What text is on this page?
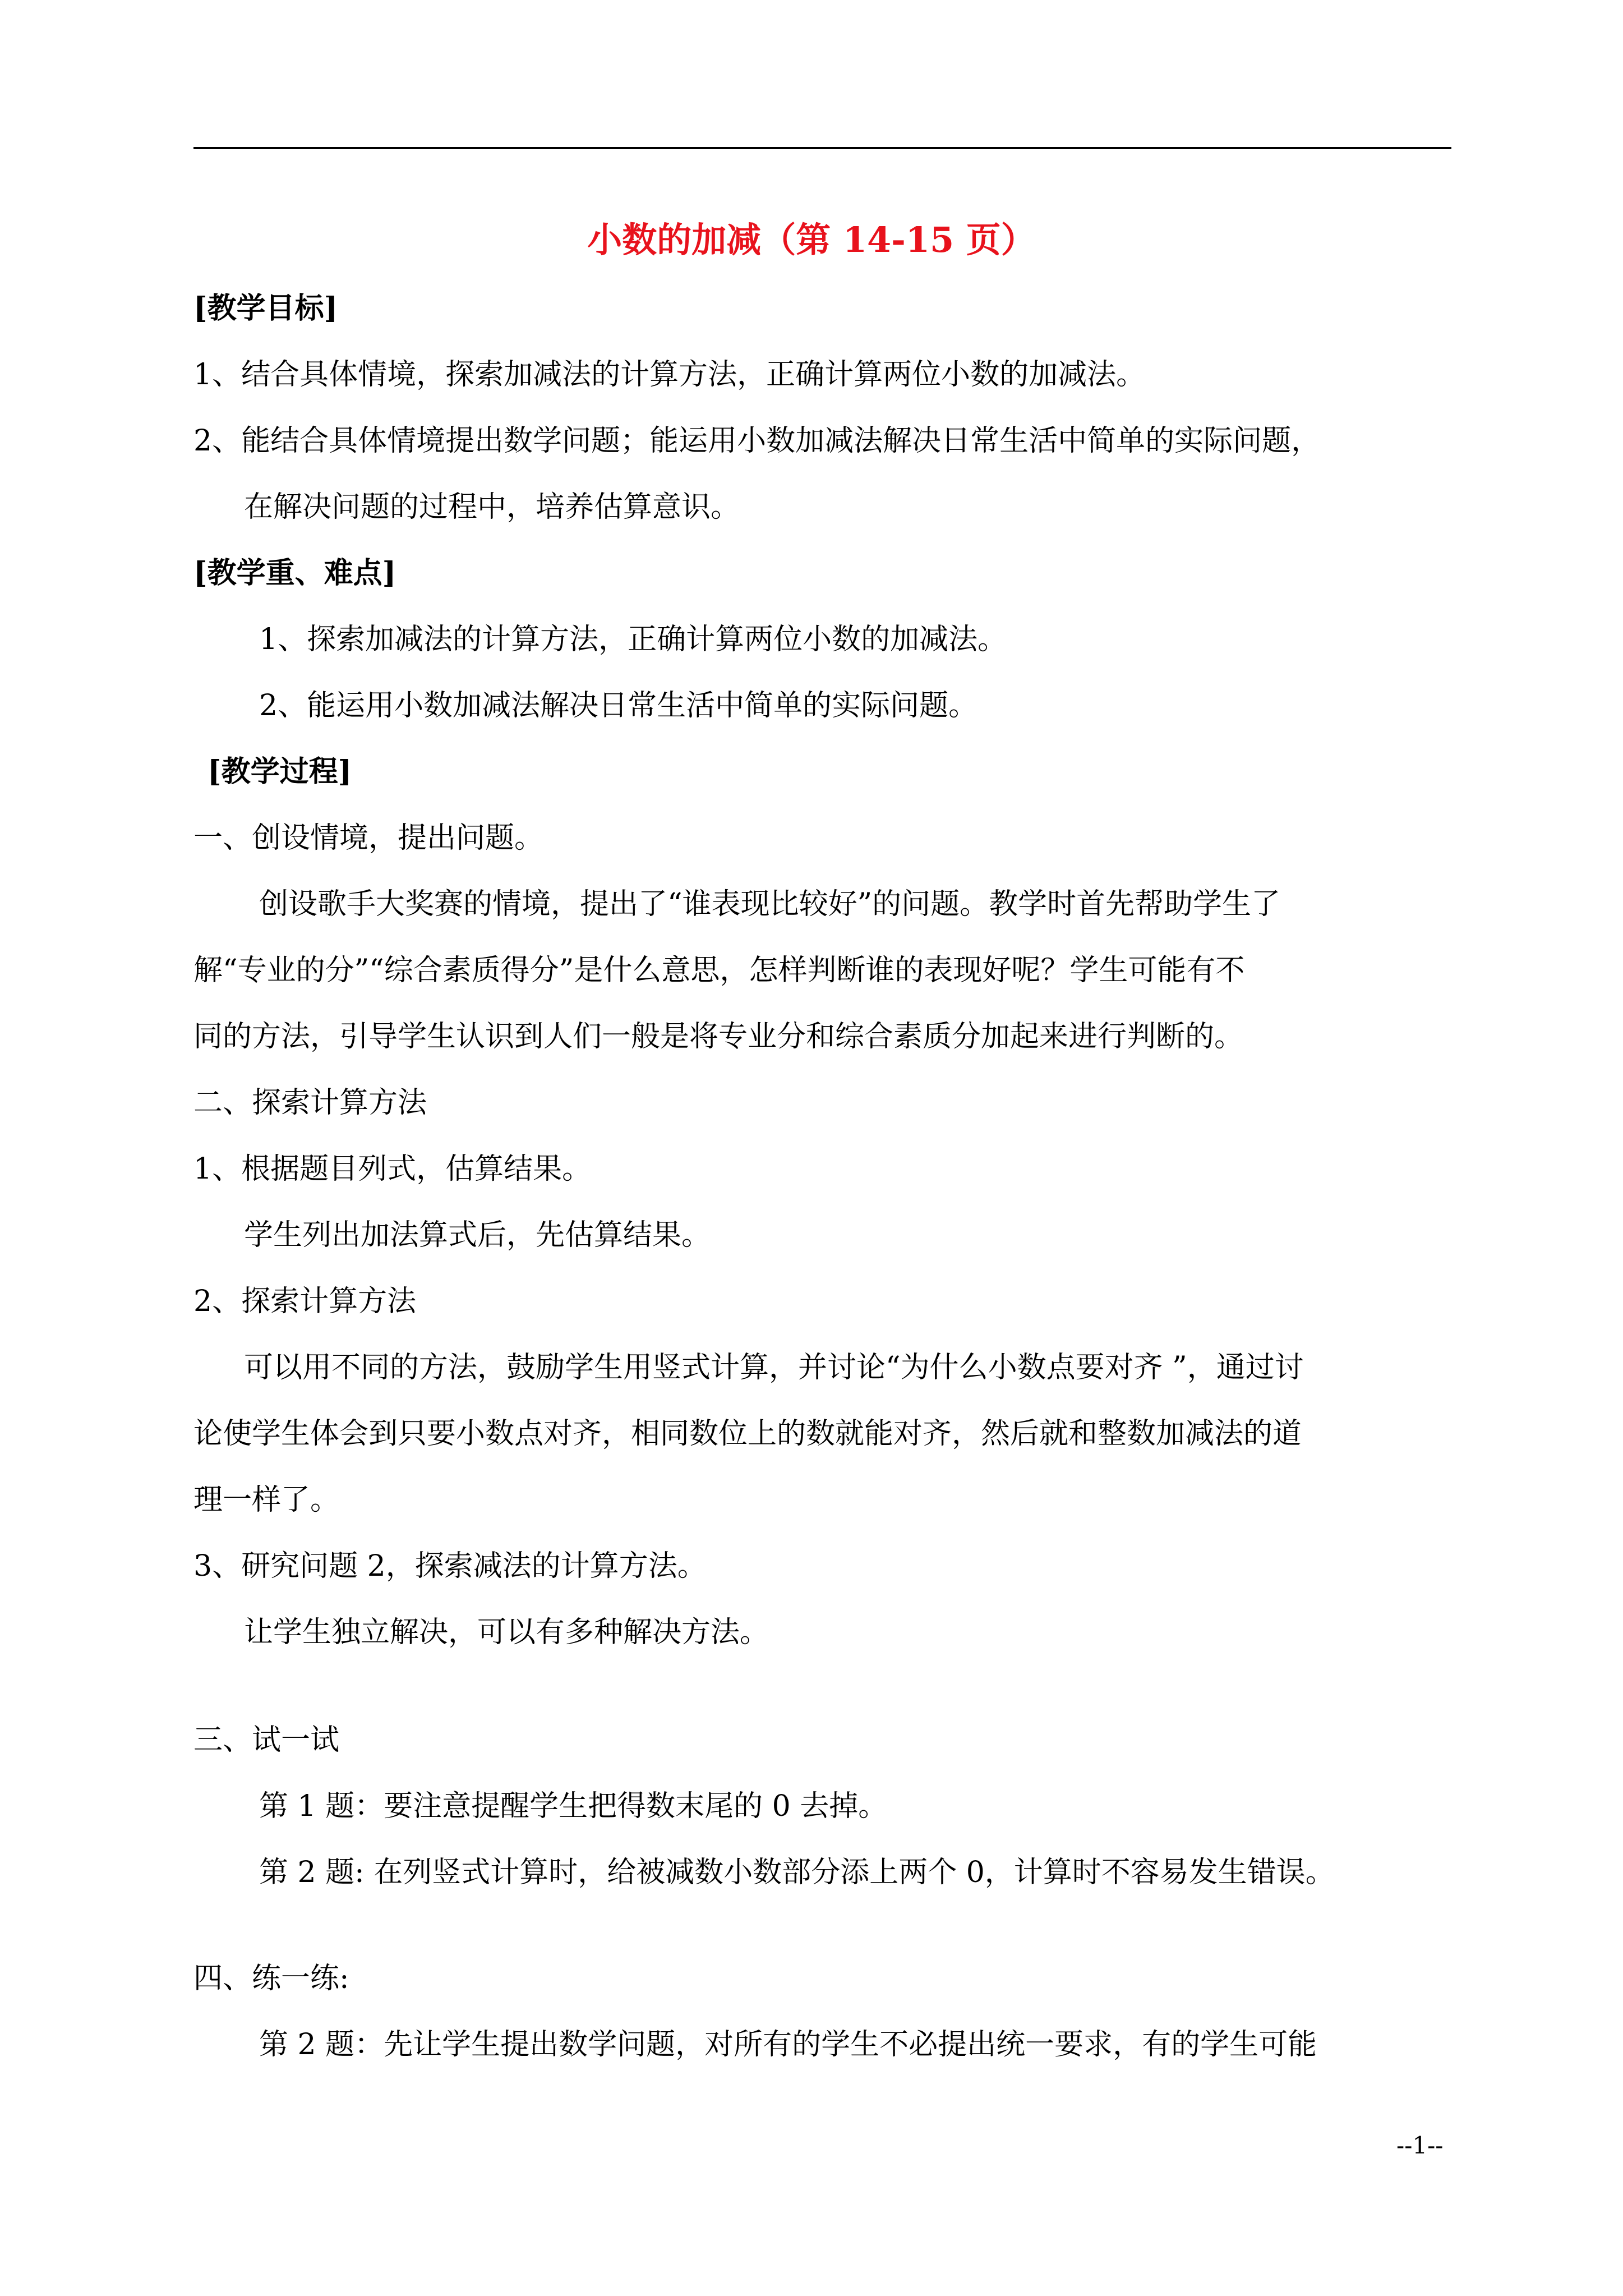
小数的加减（第 14-15 页）
[教学目标]
1、结合具体情境，探索加减法的计算方法，正确计算两位小数的加减法。
2、能结合具体情境提出数学问题；能运用小数加减法解决日常生活中简单的实际问题，
在解决问题的过程中，培养估算意识。
[教学重、难点]
1、探索加减法的计算方法，正确计算两位小数的加减法。
2、能运用小数加减法解决日常生活中简单的实际问题。
[教学过程]
一、创设情境，提出问题。
创设歌手大奖赛的情境，提出了“谁表现比较好”的问题。教学时首先帮助学生了
解“专业的分”“综合素质得分”是什么意思，怎样判断谁的表现好呢？学生可能有不
同的方法，引导学生认识到人们一般是将专业分和综合素质分加起来进行判断的。
二、探索计算方法
1、根据题目列式，估算结果。
学生列出加法算式后，先估算结果。
2、探索计算方法
可以用不同的方法，鼓励学生用竖式计算，并讨论“为什么小数点要对齐 ”，通过讨
论使学生体会到只要小数点对齐，相同数位上的数就能对齐，然后就和整数加减法的道
理一样了。
3、研究问题 2，探索减法的计算方法。
让学生独立解决，可以有多种解决方法。
三、试一试
第 1 题：要注意提醒学生把得数末尾的 0 去掉。
第 2 题: 在列竖式计算时，给被减数小数部分添上两个 0，计算时不容易发生错误。
四、练一练:
第 2 题：先让学生提出数学问题，对所有的学生不必提出统一要求，有的学生可能
--1--
